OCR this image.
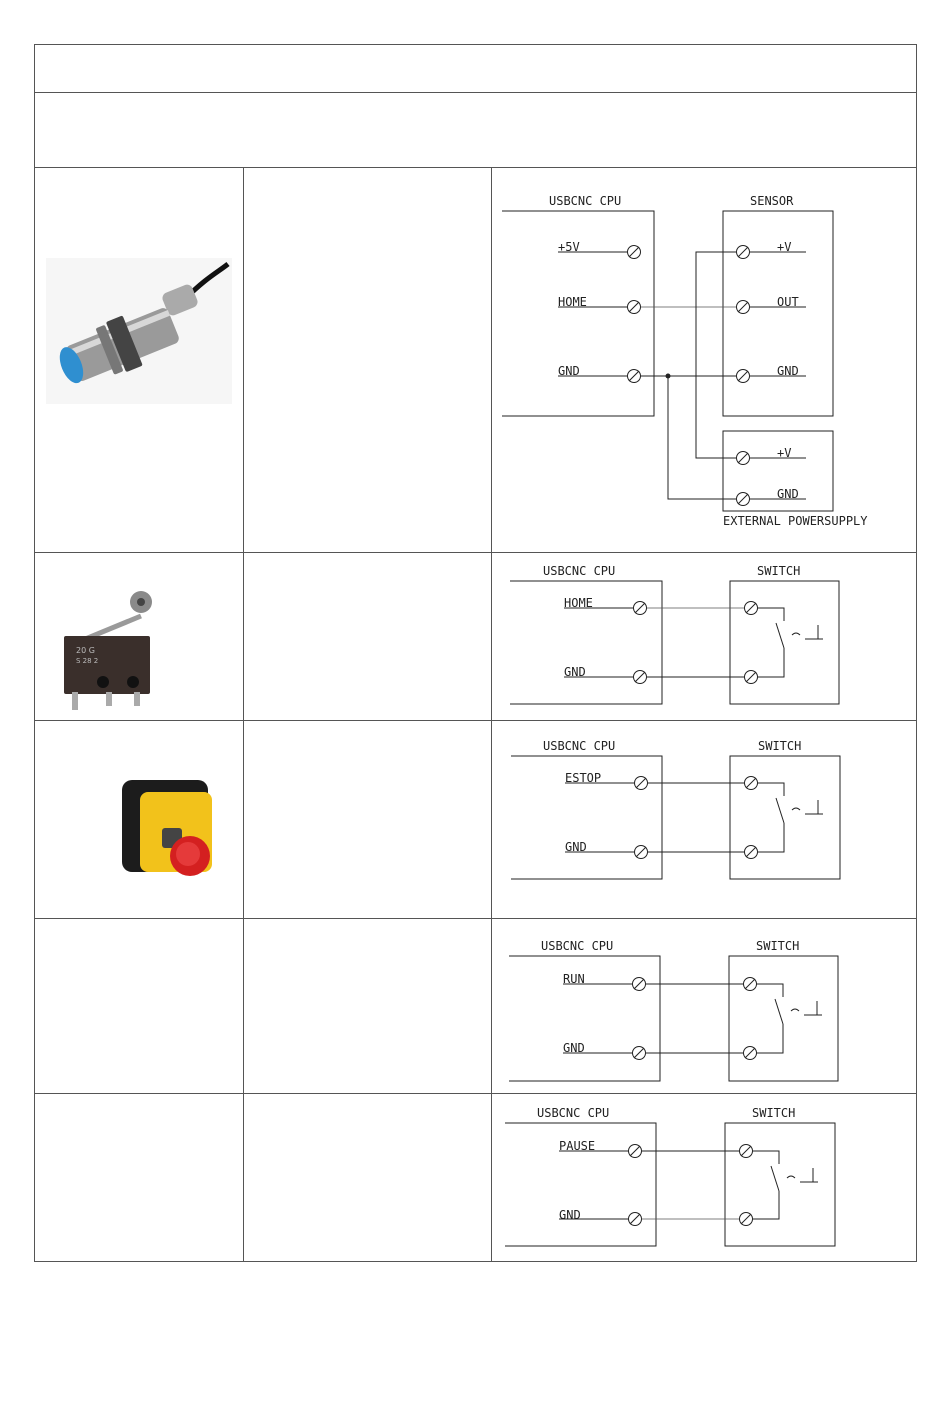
USBCNC CPU	SENSOR
+5V
HOME
GND
+V
OUT
GND
+V
GND
EXTERNAL POWERSUPPLY
20 G
S 28 2
USBCNC CPU	SWITCH
HOME
GND
USBCNC CPU	SWITCH
ESTOP
GND
USBCNC CPU	SWITCH
RUN
GND
USBCNC CPU	SWITCH
PAUSE
GND
